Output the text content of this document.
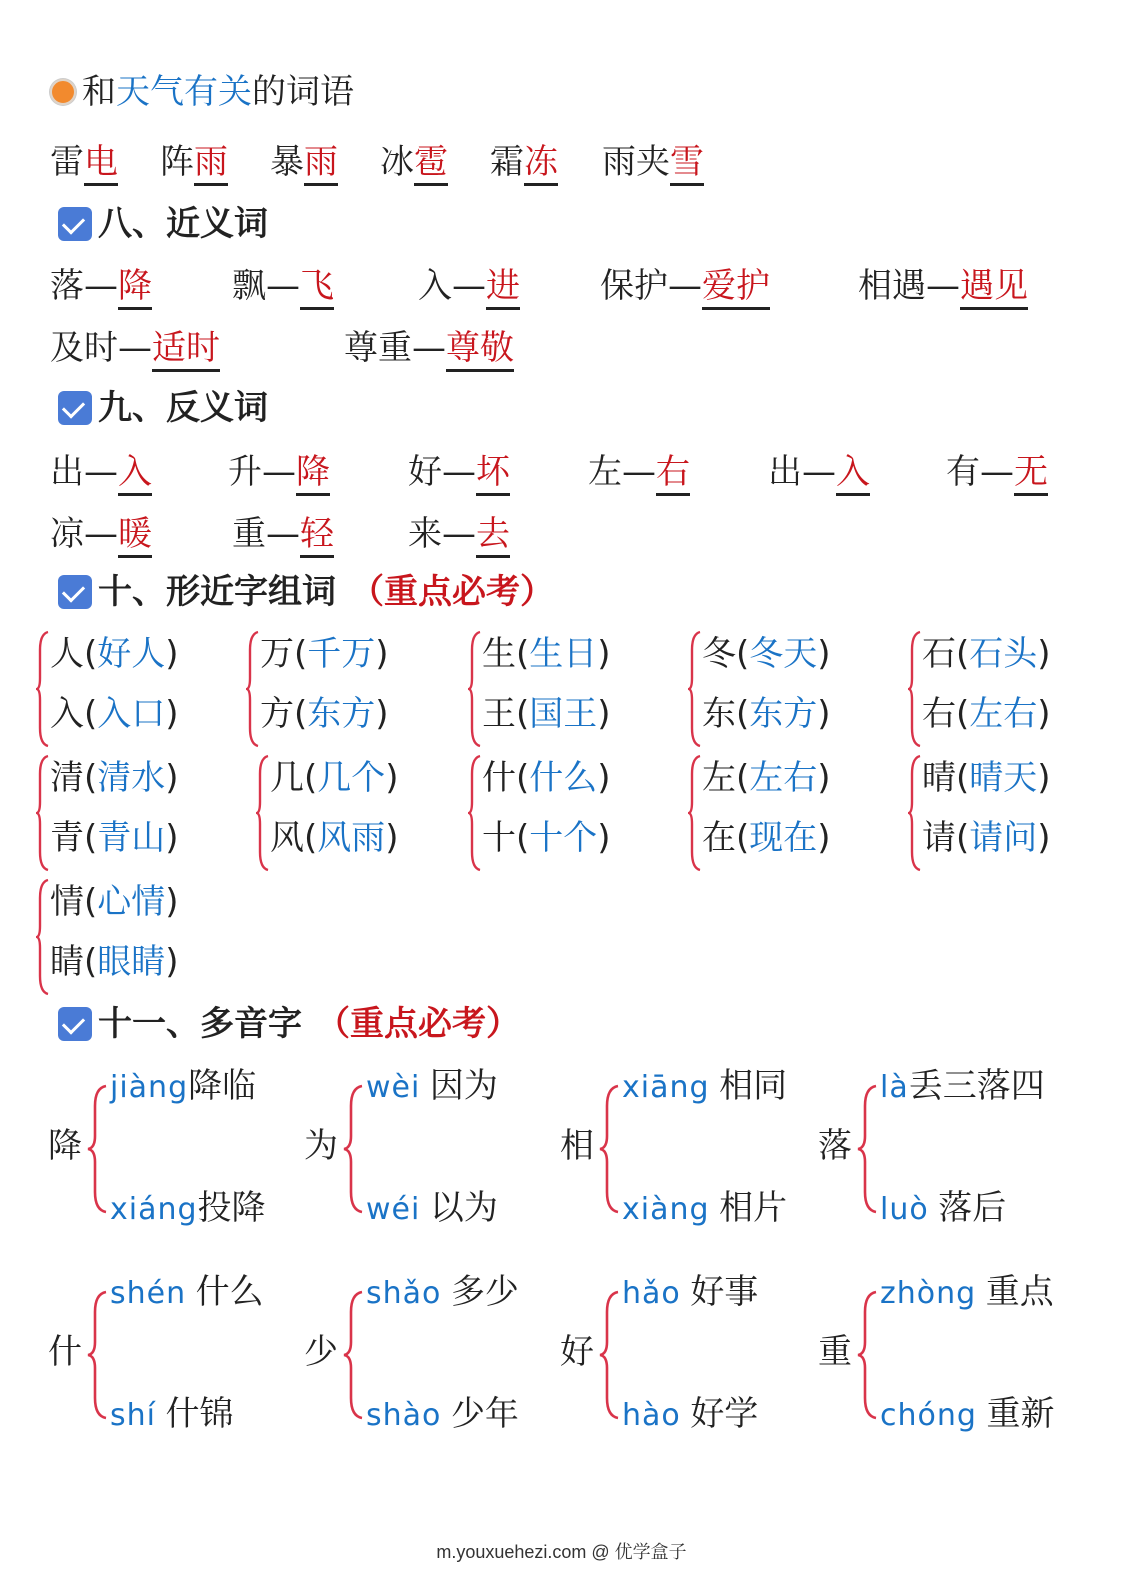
和 天气有关 的词语
雷电 阵雨 暴雨 冰雹 霜冻 雨夹雪
八、近义词
落—降 飘—飞 入—进 保护—爱护	相遇—遇见
及时—适时	尊重—尊敬
九、反义词
出—入 升—降 好—坏 左—右 出—入 有—无
凉—暖 重—轻 来—去
十、形近字组词 （重点必考）
人(好人)
入(入口)
万(千万)
方(东方)
生(生日)
王(国王)
冬(冬天)
东(东方)
石(石头)
右(左右)
清(清水)
青(青山)
几(几个)
风(风雨)
什(什么)
十(十个)
左(左右)
在(现在)
晴(晴天)
请(请问)
情(心情)
睛(眼睛)
十一、多音字 （重点必考）
降
jiàng降临
xiáng投降
为
wèi 因为
wéi 以为
相
xiāng 相同
xiàng 相片
落
là丢三落四
luò 落后
什
shén 什么
shí 什锦
少
shǎo 多少
shào 少年
好
hǎo 好事
hào 好学
重
zhòng 重点
chóng 重新
m.youxuehezi.com @ 优学盒子
